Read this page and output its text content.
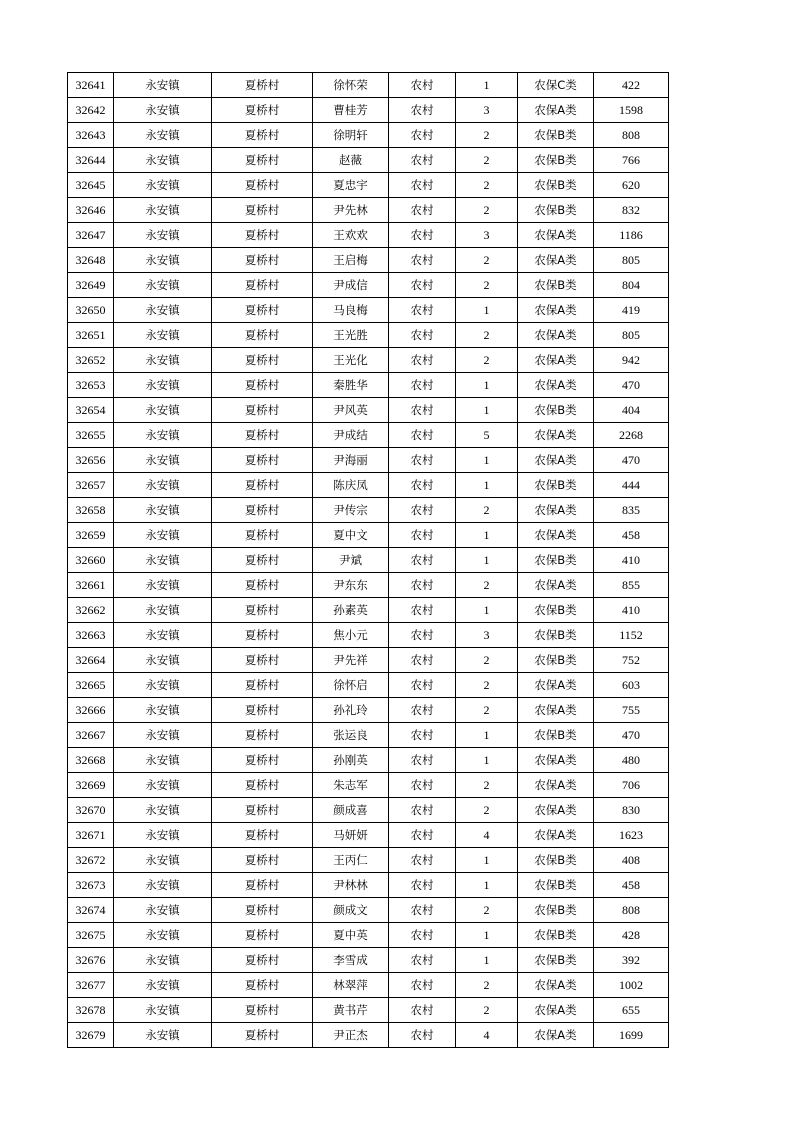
32641	永安镇	夏桥村	徐怀荣	农村	1	农保C类	422
32642	永安镇	夏桥村	曹桂芳	农村	3	农保A类	1598
32643	永安镇	夏桥村	徐明轩	农村	2	农保B类	808
32644	永安镇	夏桥村	赵薇	农村	2	农保B类	766
32645	永安镇	夏桥村	夏忠宇	农村	2	农保B类	620
32646	永安镇	夏桥村	尹先林	农村	2	农保B类	832
32647	永安镇	夏桥村	王欢欢	农村	3	农保A类	1186
32648	永安镇	夏桥村	王启梅	农村	2	农保A类	805
32649	永安镇	夏桥村	尹成信	农村	2	农保B类	804
32650	永安镇	夏桥村	马良梅	农村	1	农保A类	419
32651	永安镇	夏桥村	王光胜	农村	2	农保A类	805
32652	永安镇	夏桥村	王光化	农村	2	农保A类	942
32653	永安镇	夏桥村	秦胜华	农村	1	农保A类	470
32654	永安镇	夏桥村	尹风英	农村	1	农保B类	404
32655	永安镇	夏桥村	尹成结	农村	5	农保A类	2268
32656	永安镇	夏桥村	尹海丽	农村	1	农保A类	470
32657	永安镇	夏桥村	陈庆凤	农村	1	农保B类	444
32658	永安镇	夏桥村	尹传宗	农村	2	农保A类	835
32659	永安镇	夏桥村	夏中文	农村	1	农保A类	458
32660	永安镇	夏桥村	尹斌	农村	1	农保B类	410
32661	永安镇	夏桥村	尹东东	农村	2	农保A类	855
32662	永安镇	夏桥村	孙素英	农村	1	农保B类	410
32663	永安镇	夏桥村	焦小元	农村	3	农保B类	1152
32664	永安镇	夏桥村	尹先祥	农村	2	农保B类	752
32665	永安镇	夏桥村	徐怀启	农村	2	农保A类	603
32666	永安镇	夏桥村	孙礼玲	农村	2	农保A类	755
32667	永安镇	夏桥村	张运良	农村	1	农保B类	470
32668	永安镇	夏桥村	孙刚英	农村	1	农保A类	480
32669	永安镇	夏桥村	朱志军	农村	2	农保A类	706
32670	永安镇	夏桥村	颜成喜	农村	2	农保A类	830
32671	永安镇	夏桥村	马妍妍	农村	4	农保A类	1623
32672	永安镇	夏桥村	王丙仁	农村	1	农保B类	408
32673	永安镇	夏桥村	尹林林	农村	1	农保B类	458
32674	永安镇	夏桥村	颜成文	农村	2	农保B类	808
32675	永安镇	夏桥村	夏中英	农村	1	农保B类	428
32676	永安镇	夏桥村	李雪成	农村	1	农保B类	392
32677	永安镇	夏桥村	林翠萍	农村	2	农保A类	1002
32678	永安镇	夏桥村	黄书芹	农村	2	农保A类	655
32679	永安镇	夏桥村	尹正杰	农村	4	农保A类	1699
